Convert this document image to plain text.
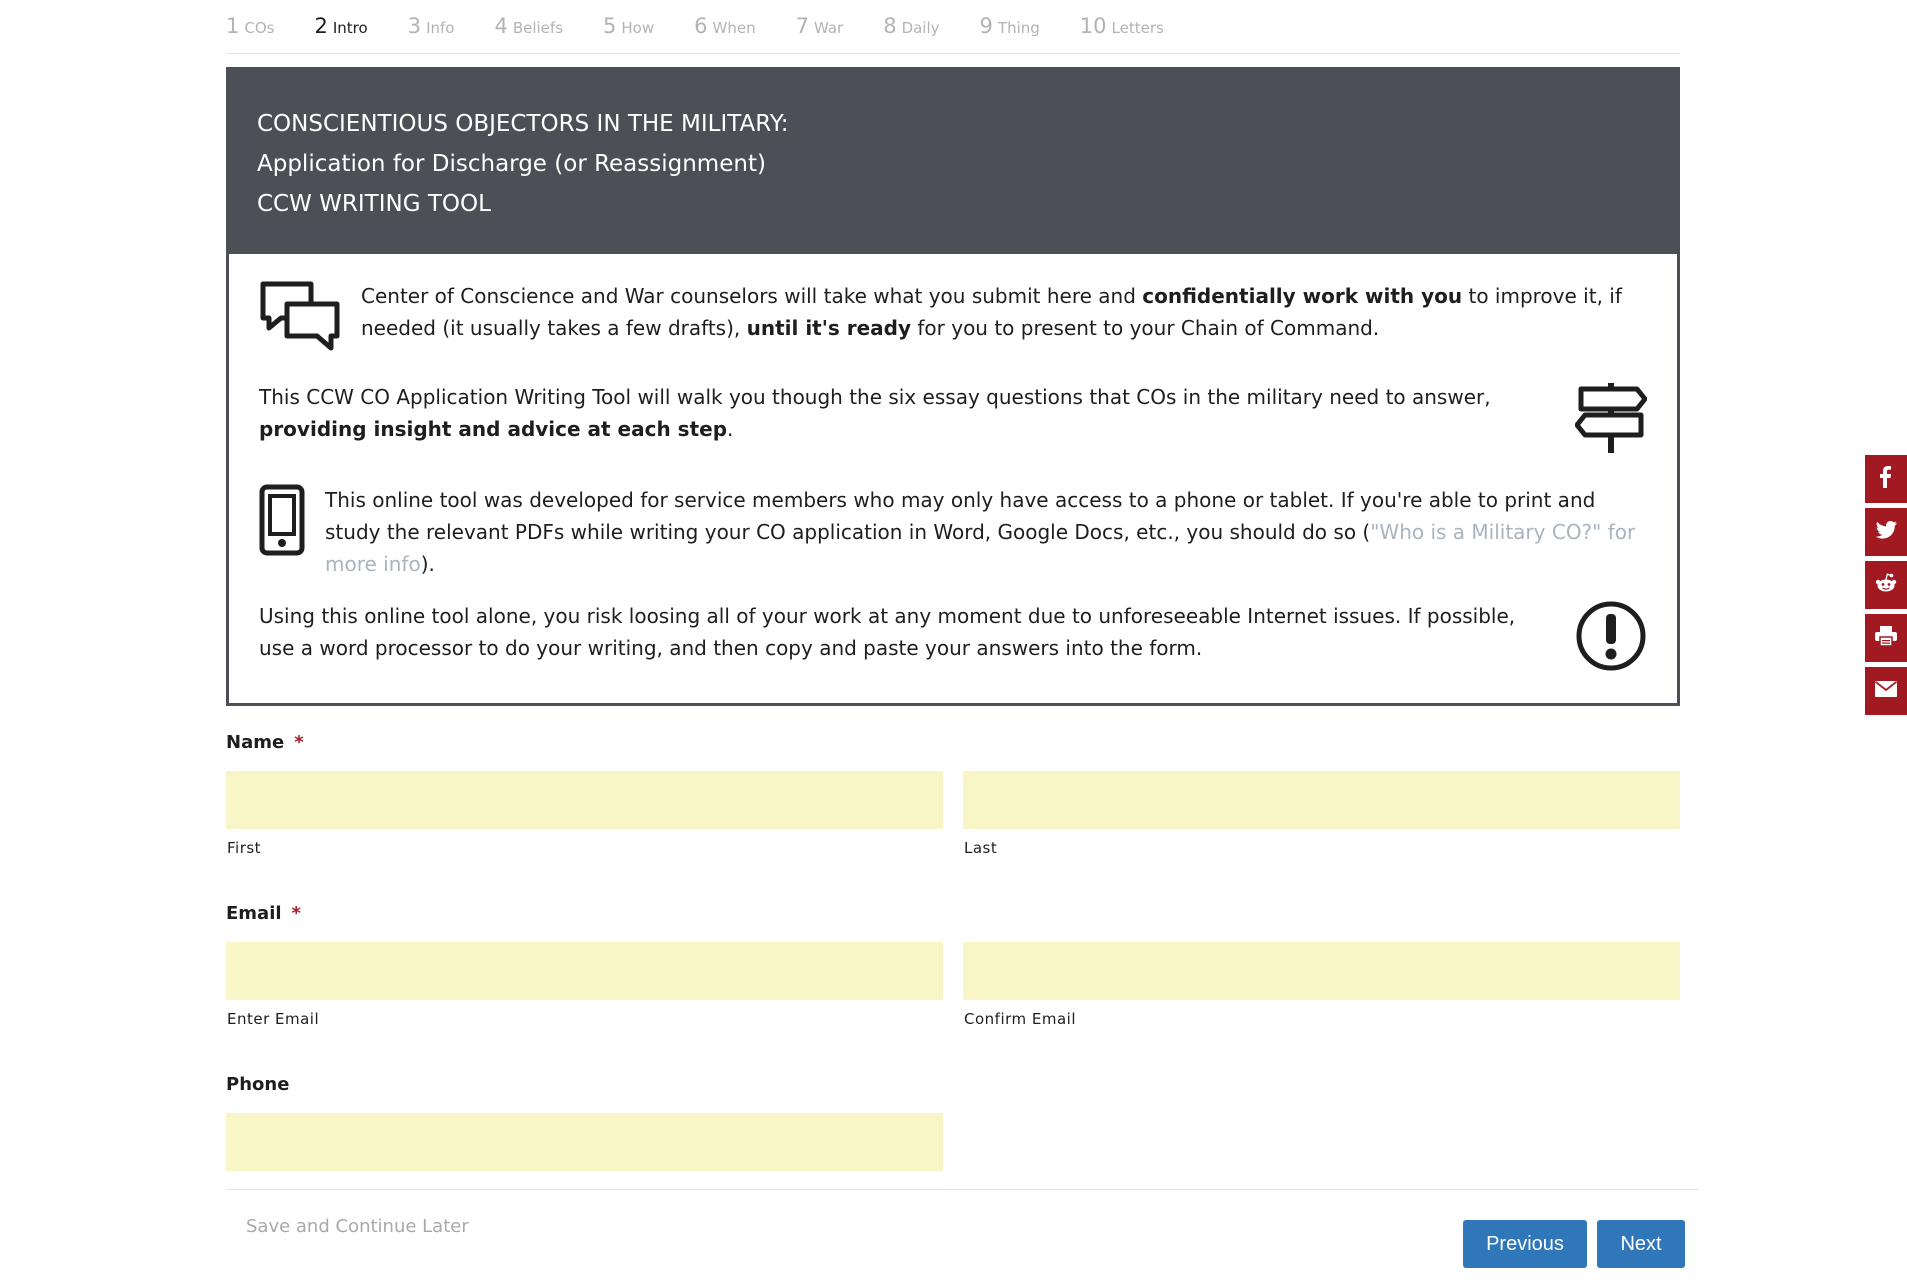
1 COs 2 Intro 3 Info 4 Beliefs 5 How 6 When 7 War 8 Daily 9 Thing 10 Letters
CONSCIENTIOUS OBJECTORS IN THE MILITARY:
Application for Discharge (or Reassignment)
CCW WRITING TOOL
Center of Conscience and War counselors will take what you submit here and confidentially work with you to improve it, if needed (it usually takes a few drafts), until it's ready for you to present to your Chain of Command.
This CCW CO Application Writing Tool will walk you though the six essay questions that COs in the military need to answer, providing insight and advice at each step.
This online tool was developed for service members who may only have access to a phone or tablet. If you're able to print and study the relevant PDFs while writing your CO application in Word, Google Docs, etc., you should do so ("Who is a Military CO?" for more info).
Using this online tool alone, you risk loosing all of your work at any moment due to unforeseeable Internet issues. If possible, use a word processor to do your writing, and then copy and paste your answers into the form.
Name *
First	Last
Email *
Enter Email	Confirm Email
Phone
Save and Continue Later
Previous	Next
